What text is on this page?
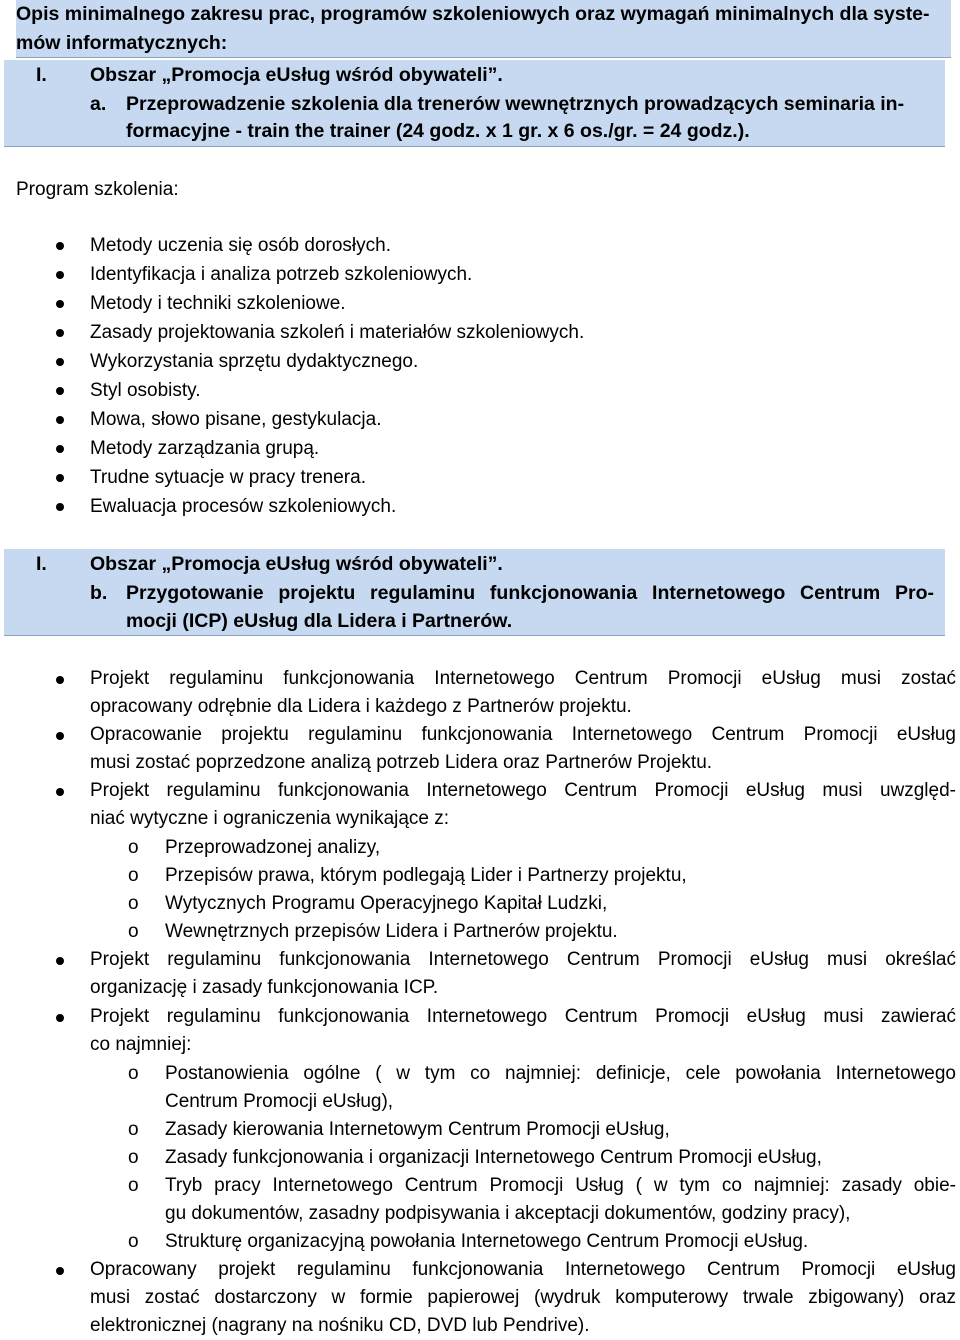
Opis minimalnego zakresu prac, programów szkoleniowych oraz wymagań minimalnych dla syste-
mów informatycznych:
I. Obszar „Promocja eUsług wśród obywateli”.
a. Przeprowadzenie szkolenia dla trenerów wewnętrznych prowadzących seminaria in-
formacyjne - train the trainer (24 godz. x 1 gr. x 6 os./gr. = 24 godz.).
Program szkolenia:
Metody uczenia się osób dorosłych.
Identyfikacja i analiza potrzeb szkoleniowych.
Metody i techniki szkoleniowe.
Zasady projektowania szkoleń i materiałów szkoleniowych.
Wykorzystania sprzętu dydaktycznego.
Styl osobisty.
Mowa, słowo pisane, gestykulacja.
Metody zarządzania grupą.
Trudne sytuacje w pracy trenera.
Ewaluacja procesów szkoleniowych.
I. Obszar „Promocja eUsług wśród obywateli”.
b. Przygotowanie projektu regulaminu funkcjonowania Internetowego Centrum Pro-
mocji (ICP) eUsług dla Lidera i Partnerów.
Projekt regulaminu funkcjonowania Internetowego Centrum Promocji eUsług musi zostać
opracowany odrębnie dla Lidera i każdego z Partnerów projektu.
Opracowanie projektu regulaminu funkcjonowania Internetowego Centrum Promocji eUsług
musi zostać poprzedzone analizą potrzeb Lidera oraz Partnerów Projektu.
Projekt regulaminu funkcjonowania Internetowego Centrum Promocji eUsług musi uwzględ-
niać wytyczne i ograniczenia wynikające z:
o Przeprowadzonej analizy,
o Przepisów prawa, którym podlegają Lider i Partnerzy projektu,
o Wytycznych Programu Operacyjnego Kapitał Ludzki,
o Wewnętrznych przepisów Lidera i Partnerów projektu.
Projekt regulaminu funkcjonowania Internetowego Centrum Promocji eUsług musi określać
organizację i zasady funkcjonowania ICP.
Projekt regulaminu funkcjonowania Internetowego Centrum Promocji eUsług musi zawierać
co najmniej:
o Postanowienia ogólne ( w tym co najmniej: definicje, cele powołania Internetowego
Centrum Promocji eUsług),
o Zasady kierowania Internetowym Centrum Promocji eUsług,
o Zasady funkcjonowania i organizacji Internetowego Centrum Promocji eUsług,
o Tryb pracy Internetowego Centrum Promocji Usług ( w tym co najmniej: zasady obie-
gu dokumentów, zasadny podpisywania i akceptacji dokumentów, godziny pracy),
o Strukturę organizacyjną powołania Internetowego Centrum Promocji eUsług.
Opracowany projekt regulaminu funkcjonowania Internetowego Centrum Promocji eUsług
musi zostać dostarczony w formie papierowej (wydruk komputerowy trwale zbigowany) oraz
elektronicznej (nagrany na nośniku CD, DVD lub Pendrive).
